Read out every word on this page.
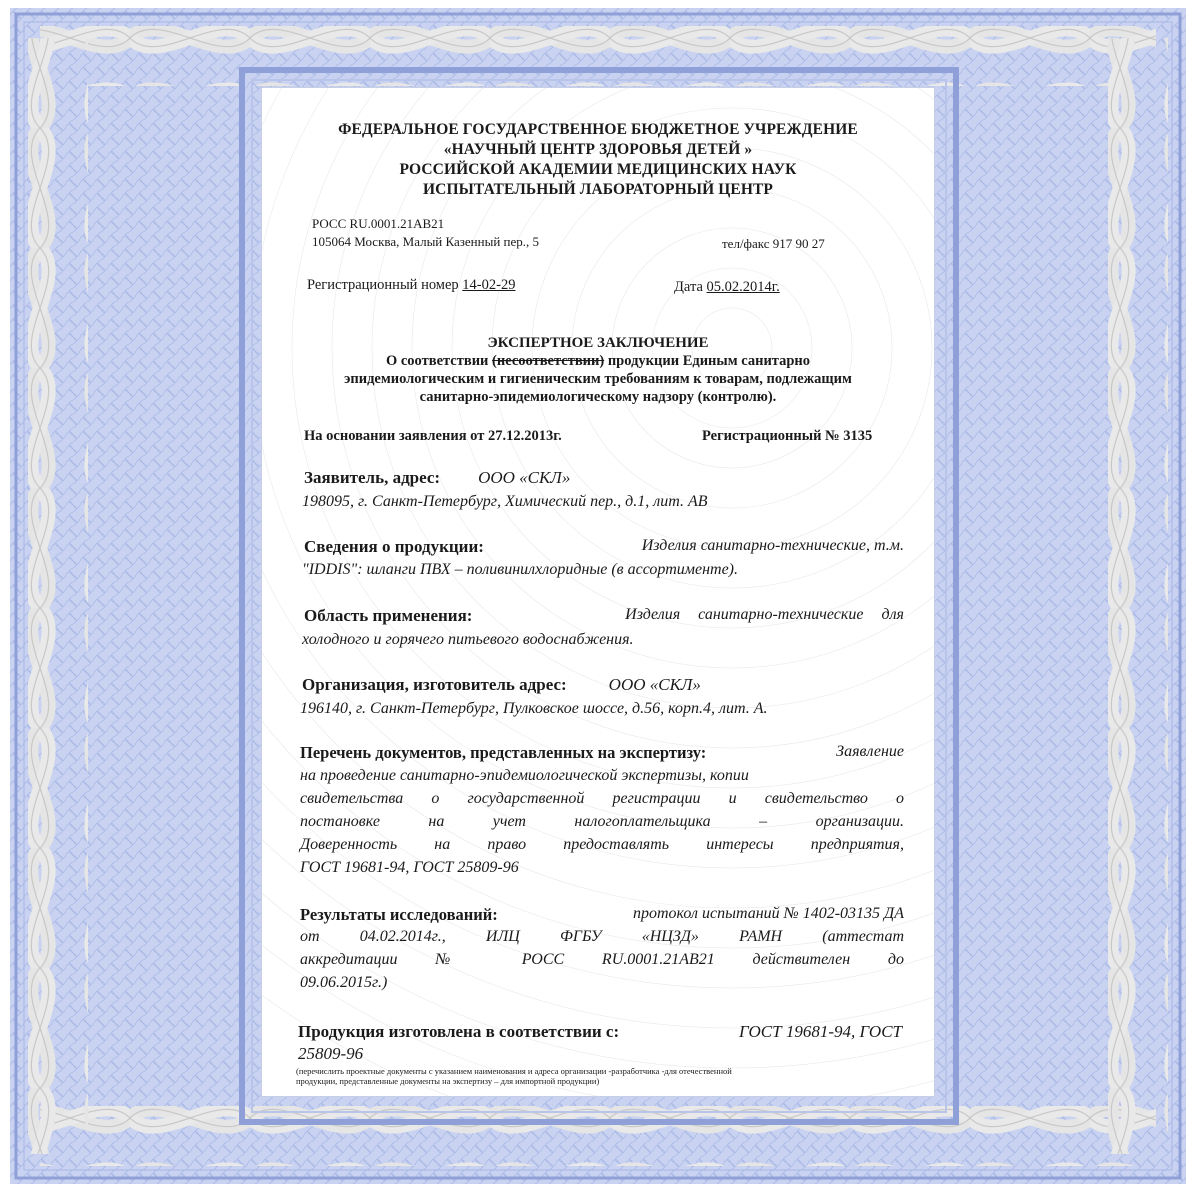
ФЕДЕРАЛЬНОЕ ГОСУДАРСТВЕННОЕ БЮДЖЕТНОЕ УЧРЕЖДЕНИЕ
«НАУЧНЫЙ ЦЕНТР ЗДОРОВЬЯ ДЕТЕЙ »
РОССИЙСКОЙ АКАДЕМИИ МЕДИЦИНСКИХ НАУК
ИСПЫТАТЕЛЬНЫЙ ЛАБОРАТОРНЫЙ ЦЕНТР
РОСС RU.0001.21АВ21
105064 Москва, Малый Казенный пер., 5	тел/факс 917 90 27
Регистрационный номер 14-02-29	Дата 05.02.2014г.
ЭКСПЕРТНОЕ ЗАКЛЮЧЕНИЕ
О соответствии (несоответствии) продукции Единым санитарно
эпидемиологическим и гигиеническим требованиям к товарам, подлежащим
санитарно-эпидемиологическому надзору (контролю).
На основании заявления от 27.12.2013г.	Регистрационный № 3135
Заявитель, адрес: ООО «СКЛ»
198095, г. Санкт-Петербург, Химический пер., д.1, лит. АВ
Сведения о продукции:	Изделия санитарно-технические, т.м.
"IDDIS": шланги ПВХ – поливинилхлоридные (в ассортименте).
Область применения:	Изделия санитарно-технические для
холодного и горячего питьевого водоснабжения.
Организация, изготовитель адрес: ООО «СКЛ»
196140, г. Санкт-Петербург, Пулковское шоссе, д.56, корп.4, лит. А.
Перечень документов, представленных на экспертизу:	Заявление
на проведение санитарно-эпидемиологической экспертизы, копии
свидетельства о государственной регистрации и свидетельство о
постановке на учет налогоплательщика – организации.
Доверенность на право предоставлять интересы предприятия,
ГОСТ 19681-94, ГОСТ 25809-96
Результаты исследований:	протокол испытаний № 1402-03135 ДА
от 04.02.2014г., ИЛЦ ФГБУ «НЦЗД» РАМН (аттестат
аккредитации № РОСС RU.0001.21АВ21 действителен до
09.06.2015г.)
Продукция изготовлена в соответствии с:	ГОСТ 19681-94, ГОСТ
25809-96
(перечислить проектные документы с указанием наименования и адреса организации -разработчика -для отечественной
продукции, представленные документы на экспертизу – для импортной продукции)
